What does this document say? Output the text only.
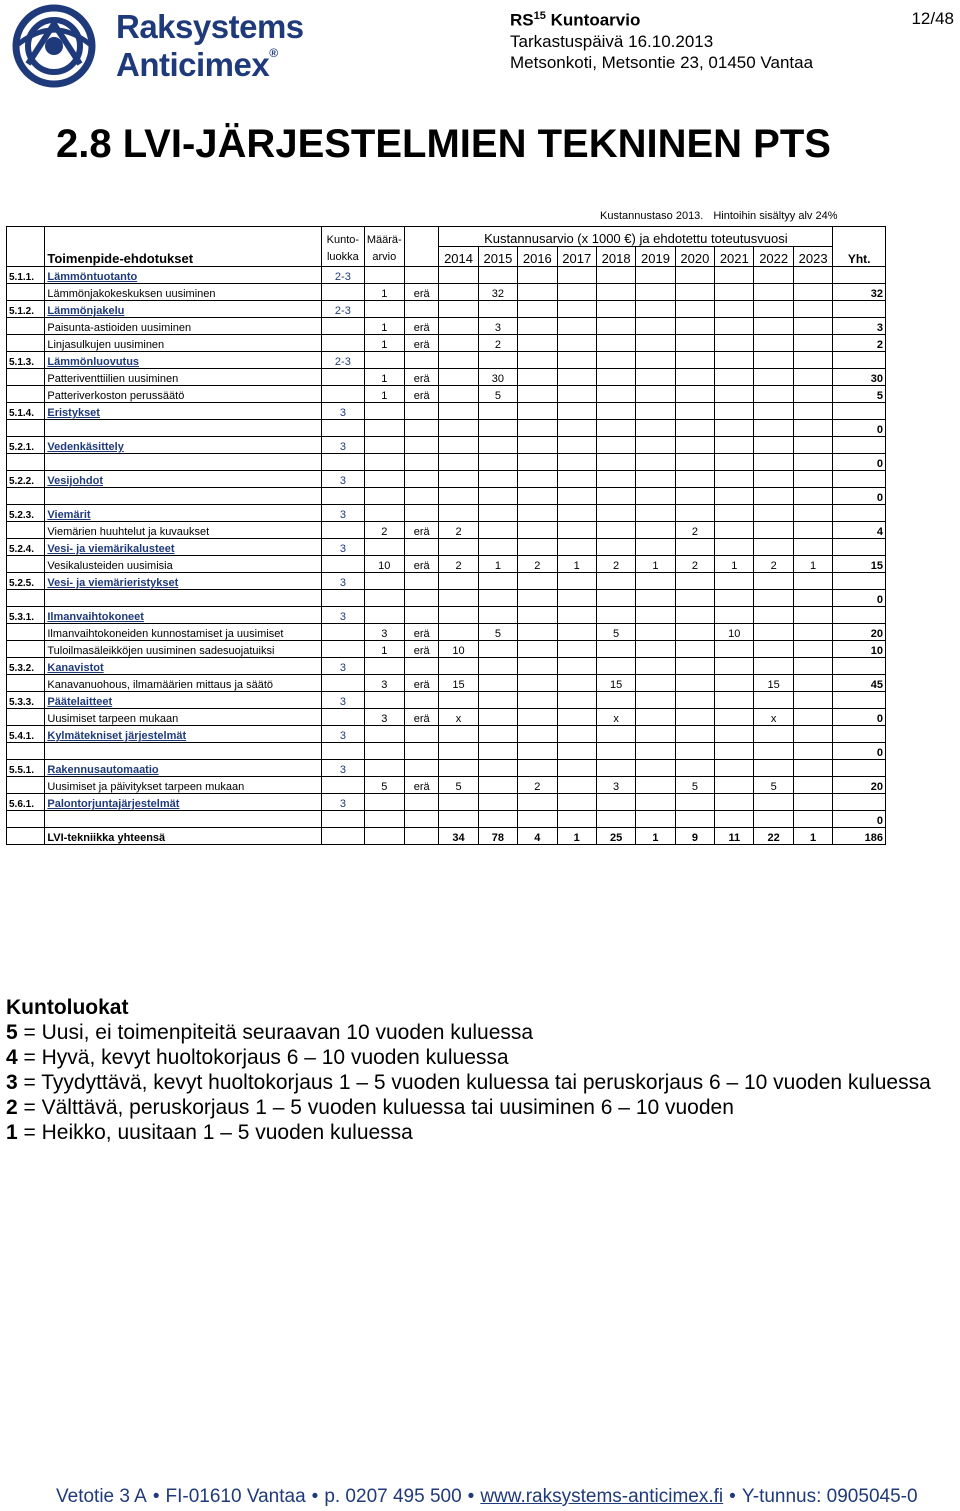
Raksystems
Anticimex®
RS$^{15}$ Kuntoarvio
Tarkastuspäivä 16.10.2013
Metsonkoti, Metsontie 23, 01450 Vantaa
12/48
2.8 LVI-JÄRJESTELMIEN TEKNINEN PTS
Kustannustaso 2013. Hintoihin sisältyy alv 24%
	Toimenpide-ehdotukset	Kunto-luokka	Määrä-arvio		Kustannusarvio (x 1000 €) ja ehdotettu toteutusvuosi										Yht.
					2014	2015	2016	2017	2018	2019	2020	2021	2022	2023	
5.1.1.	Lämmöntuotanto	2-3													
	Lämmönjakokeskuksen uusiminen		1	erä		32									32
5.1.2.	Lämmönjakelu	2-3													
	Paisunta-astioiden uusiminen		1	erä		3									3
	Linjasulkujen uusiminen		1	erä		2									2
5.1.3.	Lämmönluovutus	2-3													
	Patteriventtiilien uusiminen		1	erä		30									30
	Patteriverkoston perussäätö		1	erä		5									5
5.1.4.	Eristykset	3													
															0
5.2.1.	Vedenkäsittely	3													
															0
5.2.2.	Vesijohdot	3													
															0
5.2.3.	Viemärit	3													
	Viemärien huuhtelut ja kuvaukset		2	erä	2						2				4
5.2.4.	Vesi- ja viemärikalusteet	3													
	Vesikalusteiden uusimisia		10	erä	2	1	2	1	2	1	2	1	2	1	15
5.2.5.	Vesi- ja viemärieristykset	3													
															0
5.3.1.	Ilmanvaihtokoneet	3													
	Ilmanvaihtokoneiden kunnostamiset ja uusimiset		3	erä		5			5			10			20
	Tuloilmasäleikköjen uusiminen sadesuojatuiksi		1	erä	10										10
5.3.2.	Kanavistot	3													
	Kanavanuohous, ilmamäärien mittaus ja säätö		3	erä	15				15				15		45
5.3.3.	Päätelaitteet	3													
	Uusimiset tarpeen mukaan		3	erä	x				x				x		0
5.4.1.	Kylmätekniset järjestelmät	3													
															0
5.5.1.	Rakennusautomaatio	3													
	Uusimiset ja päivitykset tarpeen mukaan		5	erä	5		2		3		5		5		20
5.6.1.	Palontorjuntajärjestelmät	3													
															0
	LVI-tekniikka yhteensä				34	78	4	1	25	1	9	11	22	1	186
Kuntoluokat
5 = Uusi, ei toimenpiteitä seuraavan 10 vuoden kuluessa
4 = Hyvä, kevyt huoltokorjaus 6 – 10 vuoden kuluessa
3 = Tyydyttävä, kevyt huoltokorjaus 1 – 5 vuoden kuluessa tai peruskorjaus 6 – 10 vuoden kuluessa
2 = Välttävä, peruskorjaus 1 – 5 vuoden kuluessa tai uusiminen 6 – 10 vuoden
1 = Heikko, uusitaan 1 – 5 vuoden kuluessa
Vetotie 3 A • FI-01610 Vantaa • p. 0207 495 500 • www.raksystems-anticimex.fi • Y-tunnus: 0905045-0
